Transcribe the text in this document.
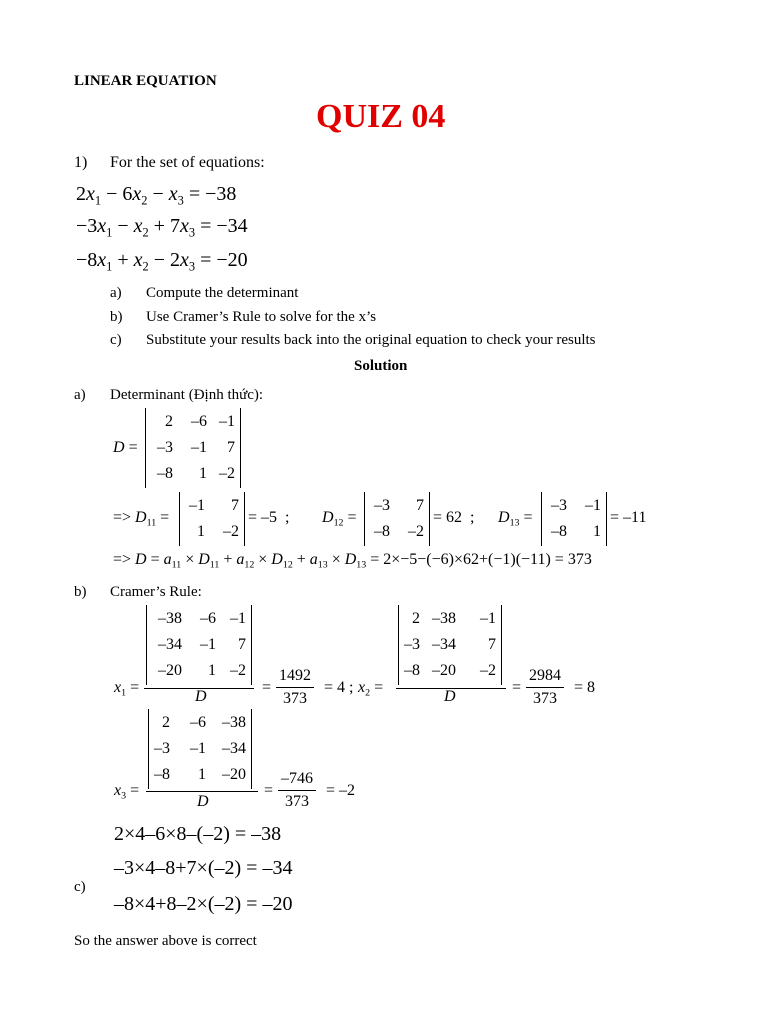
LINEAR EQUATION
QUIZ 04
1) For the set of equations:
$2x_1 - 6x_2 - x_3 = -38$
$-3x_1 - x_2 + 7x_3 = -34$
$-8x_1 + x_2 - 2x_3 = -20$
a) Compute the determinant
b) Use Cramer’s Rule to solve for the x’s
c) Substitute your results back into the original equation to check your results
Solution
a) Determinant (Định thức):
D =
2	–6 –1
–3	–1	7
–8	1 –2
=> $D_{11}$ =
–1	7
1	–2
= –5  ; $D_{12}$ =
–3	7
–8	–2
= 62  ; $D_{13}$ =
–3	–1
–8	1
= –11
=> $D = a_{11} \times D_{11} + a_{12} \times D_{12} + a_{13} \times D_{13} = 2\times-5-(-6)\times 62+(-1)(-11) = 373$
b) Cramer’s Rule:
$x_1$ =
–38	–6 –1
–34	–1	7
–20	1 –2
D
= $\frac{1492}{373} = 4$ ; $x_2$ =
2 –38	–1
–3 –34	7
–8 –20	–2
D
= $\frac{2984}{373} = 8$
$x_3$ =
2	–6	–38
–3	–1	–34
–8	1	–20
D
= $\frac{-746}{373} = -2$
2×4–6×8–(–2) = –38
–3×4–8+7×(–2) = –34
c)
–8×4+8–2×(–2) = –20
So the answer above is correct
